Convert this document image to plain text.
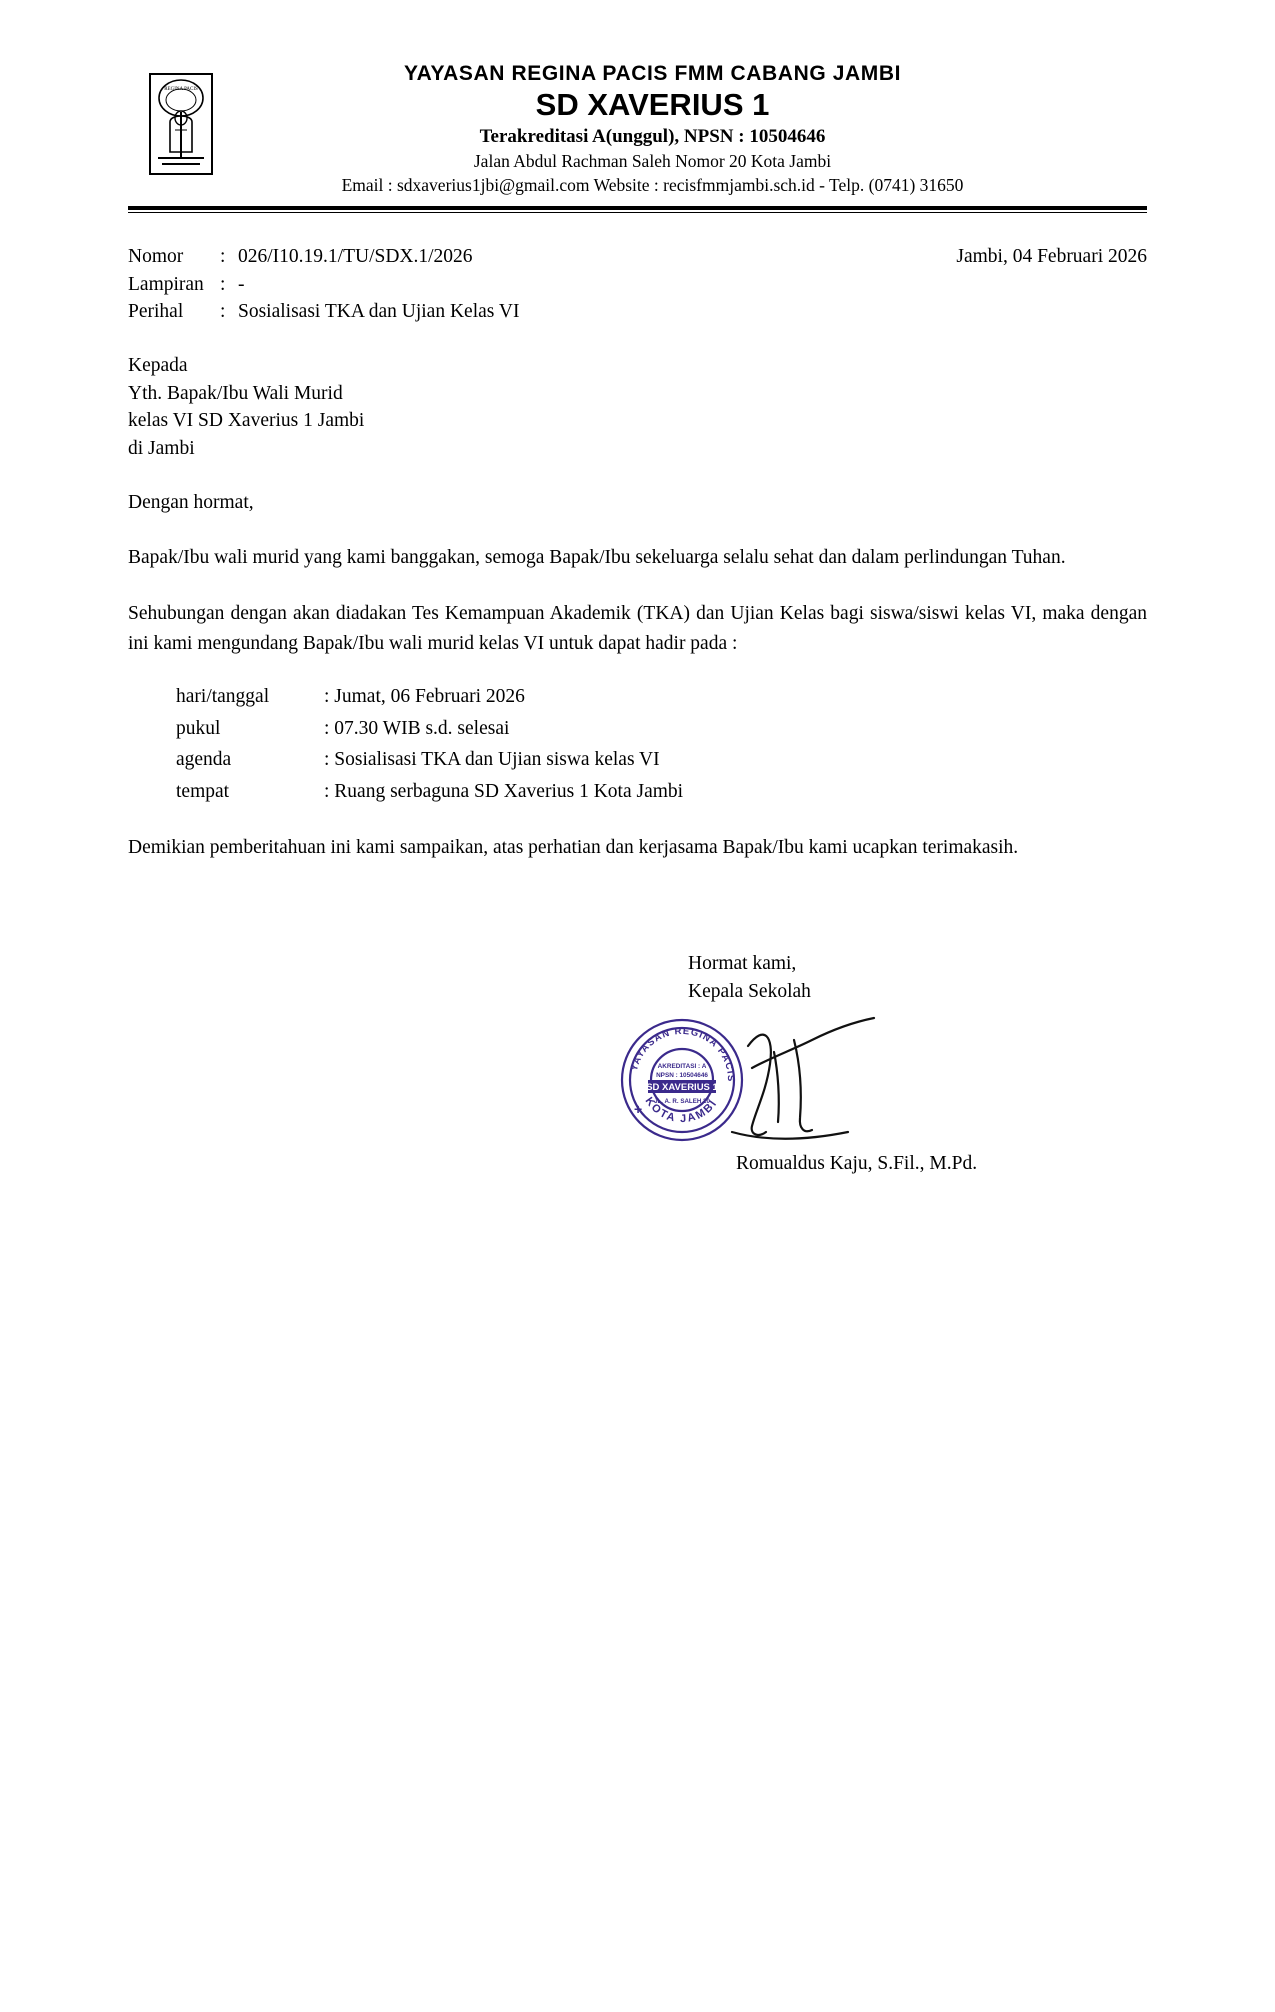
REGINA PACIS
YAYASAN REGINA PACIS FMM CABANG JAMBI
SD XAVERIUS 1
Terakreditasi A(unggul), NPSN : 10504646
Jalan Abdul Rachman Saleh Nomor 20 Kota Jambi
Email : sdxaverius1jbi@gmail.com Website : recisfmmjambi.sch.id - Telp. (0741) 31650
Nomor	: 026/I10.19.1/TU/SDX.1/2026	Jambi, 04 Februari 2026
Lampiran : -
Perihal	: Sosialisasi TKA dan Ujian Kelas VI
Kepada
Yth. Bapak/Ibu Wali Murid
kelas VI SD Xaverius 1 Jambi
di Jambi
Dengan hormat,
Bapak/Ibu wali murid yang kami banggakan, semoga Bapak/Ibu sekeluarga selalu sehat dan dalam perlindungan Tuhan.
Sehubungan dengan akan diadakan Tes Kemampuan Akademik (TKA) dan Ujian Kelas bagi siswa/siswi kelas VI, maka dengan ini kami mengundang Bapak/Ibu wali murid kelas VI untuk dapat hadir pada :
hari/tanggal	: Jumat, 06 Februari 2026
pukul	: 07.30 WIB s.d. selesai
agenda	: Sosialisasi TKA dan Ujian siswa kelas VI
tempat	: Ruang serbaguna SD Xaverius 1 Kota Jambi
Demikian pemberitahuan ini kami sampaikan, atas perhatian dan kerjasama Bapak/Ibu kami ucapkan terimakasih.
Hormat kami,
Kepala Sekolah
YAYASAN REGINA PACIS
KOTA JAMBI
AKREDITASI : A
NPSN : 10504646
SD XAVERIUS 1
JL. A. R. SALEH 20
+
Romualdus Kaju, S.Fil., M.Pd.
